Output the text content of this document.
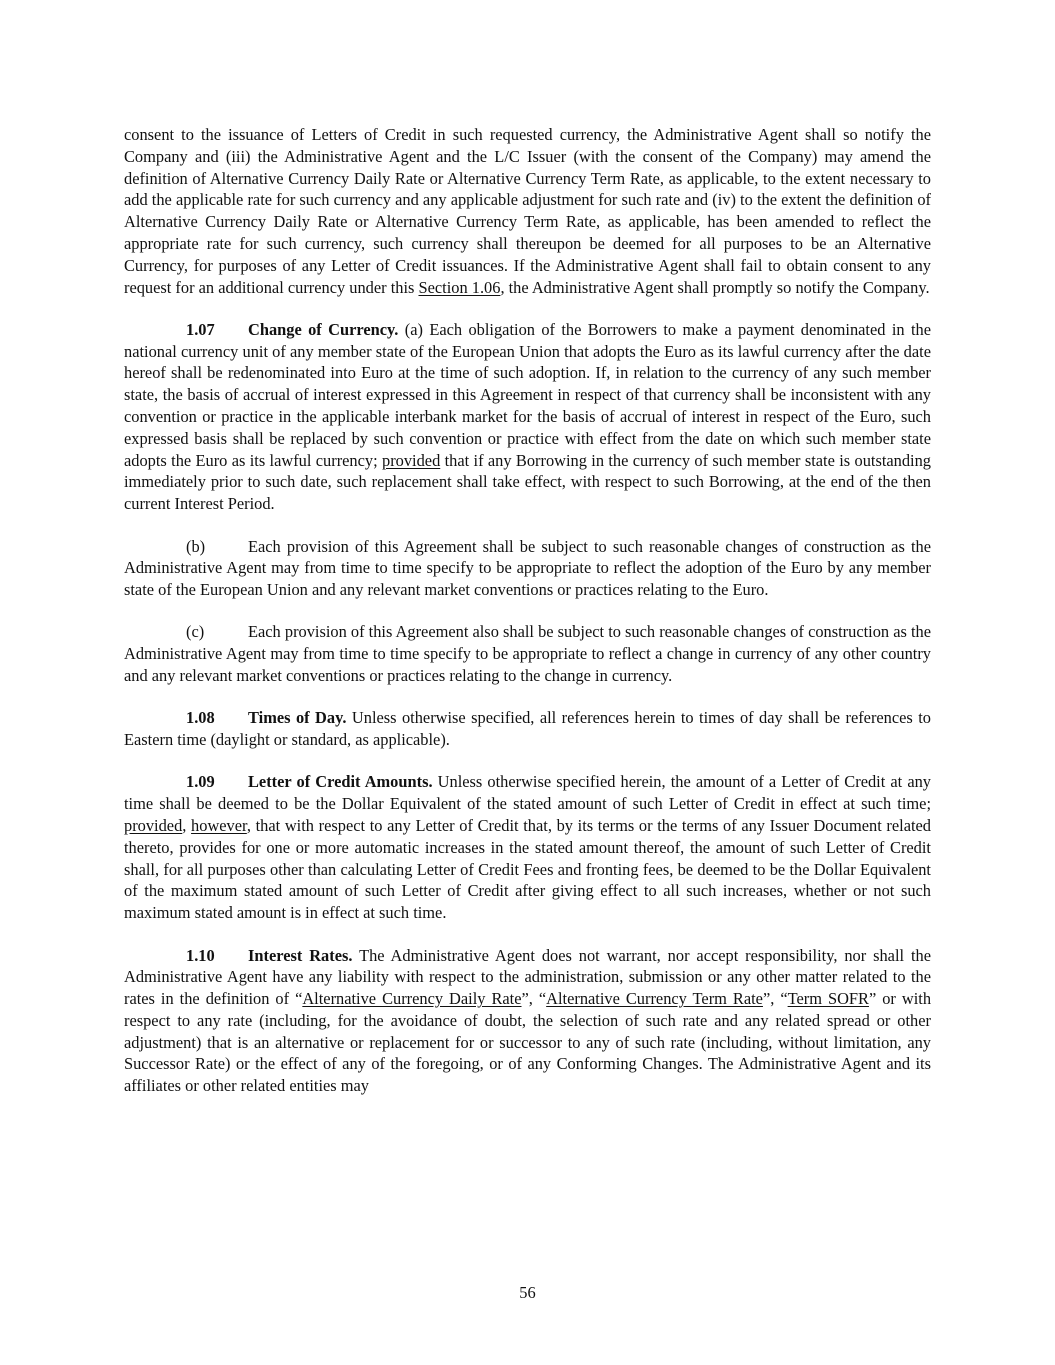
consent to the issuance of Letters of Credit in such requested currency, the Administrative Agent shall so notify the Company and (iii) the Administrative Agent and the L/C Issuer (with the consent of the Company) may amend the definition of Alternative Currency Daily Rate or Alternative Currency Term Rate, as applicable, to the extent necessary to add the applicable rate for such currency and any applicable adjustment for such rate and (iv) to the extent the definition of Alternative Currency Daily Rate or Alternative Currency Term Rate, as applicable, has been amended to reflect the appropriate rate for such currency, such currency shall thereupon be deemed for all purposes to be an Alternative Currency, for purposes of any Letter of Credit issuances. If the Administrative Agent shall fail to obtain consent to any request for an additional currency under this Section 1.06, the Administrative Agent shall promptly so notify the Company.

1.07 Change of Currency. (a) Each obligation of the Borrowers to make a payment denominated in the national currency unit of any member state of the European Union that adopts the Euro as its lawful currency after the date hereof shall be redenominated into Euro at the time of such adoption. If, in relation to the currency of any such member state, the basis of accrual of interest expressed in this Agreement in respect of that currency shall be inconsistent with any convention or practice in the applicable interbank market for the basis of accrual of interest in respect of the Euro, such expressed basis shall be replaced by such convention or practice with effect from the date on which such member state adopts the Euro as its lawful currency; provided that if any Borrowing in the currency of such member state is outstanding immediately prior to such date, such replacement shall take effect, with respect to such Borrowing, at the end of the then current Interest Period.

(b)	Each provision of this Agreement shall be subject to such reasonable changes of construction as the Administrative Agent may from time to time specify to be appropriate to reflect the adoption of the Euro by any member state of the European Union and any relevant market conventions or practices relating to the Euro.

(c)	Each provision of this Agreement also shall be subject to such reasonable changes of construction as the Administrative Agent may from time to time specify to be appropriate to reflect a change in currency of any other country and any relevant market conventions or practices relating to the change in currency.

1.08 Times of Day. Unless otherwise specified, all references herein to times of day shall be references to Eastern time (daylight or standard, as applicable).

1.09 Letter of Credit Amounts. Unless otherwise specified herein, the amount of a Letter of Credit at any time shall be deemed to be the Dollar Equivalent of the stated amount of such Letter of Credit in effect at such time; provided, however, that with respect to any Letter of Credit that, by its terms or the terms of any Issuer Document related thereto, provides for one or more automatic increases in the stated amount thereof, the amount of such Letter of Credit shall, for all purposes other than calculating Letter of Credit Fees and fronting fees, be deemed to be the Dollar Equivalent of the maximum stated amount of such Letter of Credit after giving effect to all such increases, whether or not such maximum stated amount is in effect at such time.

1.10 Interest Rates. The Administrative Agent does not warrant, nor accept responsibility, nor shall the Administrative Agent have any liability with respect to the administration, submission or any other matter related to the rates in the definition of “Alternative Currency Daily Rate”, “Alternative Currency Term Rate”, “Term SOFR” or with respect to any rate (including, for the avoidance of doubt, the selection of such rate and any related spread or other adjustment) that is an alternative or replacement for or successor to any of such rate (including, without limitation, any Successor Rate) or the effect of any of the foregoing, or of any Conforming Changes. The Administrative Agent and its affiliates or other related entities may

56
